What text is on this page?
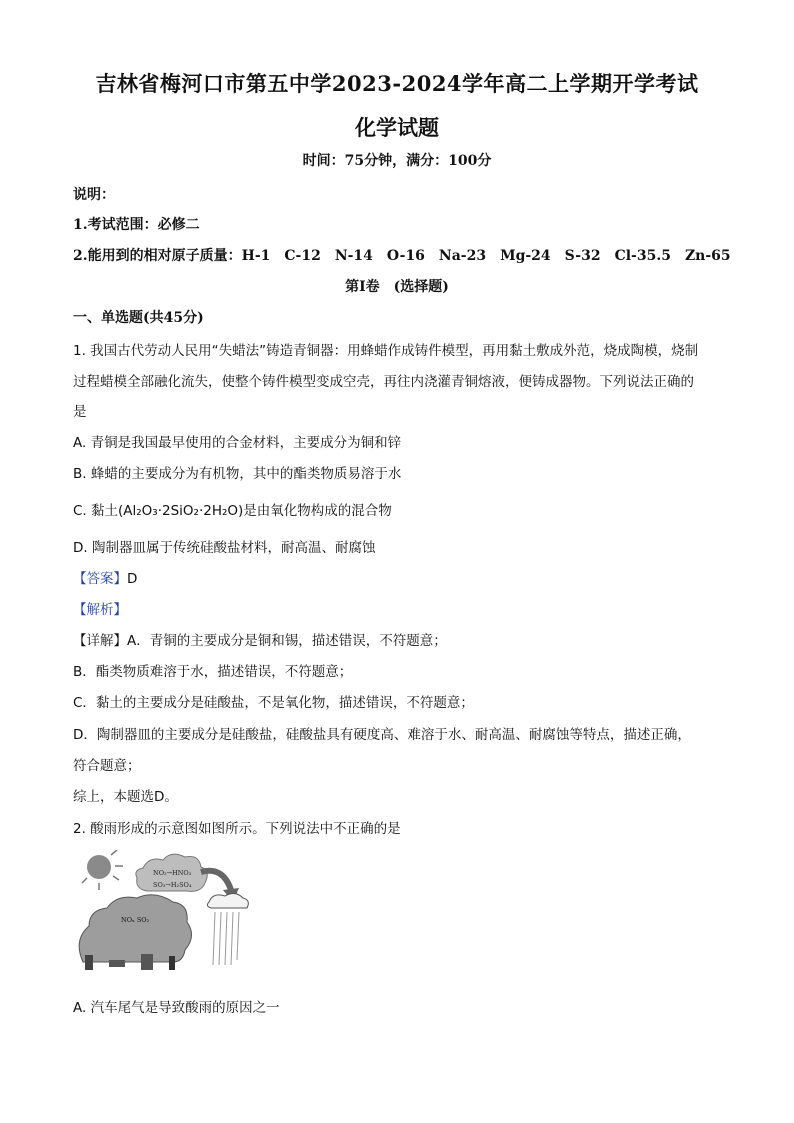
吉林省梅河口市第五中学2023-2024学年高二上学期开学考试
化学试题
时间：75分钟，满分：100分
说明：
1.考试范围：必修二
2.能用到的相对原子质量：H-1　C-12　N-14　O-16　Na-23　Mg-24　S-32　Cl-35.5　Zn-65
第Ⅰ卷　(选择题)
一、单选题(共45分)
1. 我国古代劳动人民用“失蜡法”铸造青铜器：用蜂蜡作成铸件模型，再用黏土敷成外范，烧成陶模，烧制
过程蜡模全部融化流失，使整个铸件模型变成空壳，再往内浇灌青铜熔液，便铸成器物。下列说法正确的
是
A. 青铜是我国最早使用的合金材料，主要成分为铜和锌
B. 蜂蜡的主要成分为有机物，其中的酯类物质易溶于水
C. 黏土(Al₂O₃·2SiO₂·2H₂O)是由氧化物构成的混合物
D. 陶制器皿属于传统硅酸盐材料，耐高温、耐腐蚀
【答案】D
【解析】
【详解】A．青铜的主要成分是铜和锡，描述错误，不符题意；
B．酯类物质难溶于水，描述错误，不符题意；
C．黏土的主要成分是硅酸盐，不是氧化物，描述错误，不符题意；
D．陶制器皿的主要成分是硅酸盐，硅酸盐具有硬度高、难溶于水、耐高温、耐腐蚀等特点，描述正确，
符合题意；
综上，本题选D。
2. 酸雨形成的示意图如图所示。下列说法中不正确的是
NO₂→HNO₃
SO₃→H₂SO₄
NOₓ SO₂
A. 汽车尾气是导致酸雨的原因之一
